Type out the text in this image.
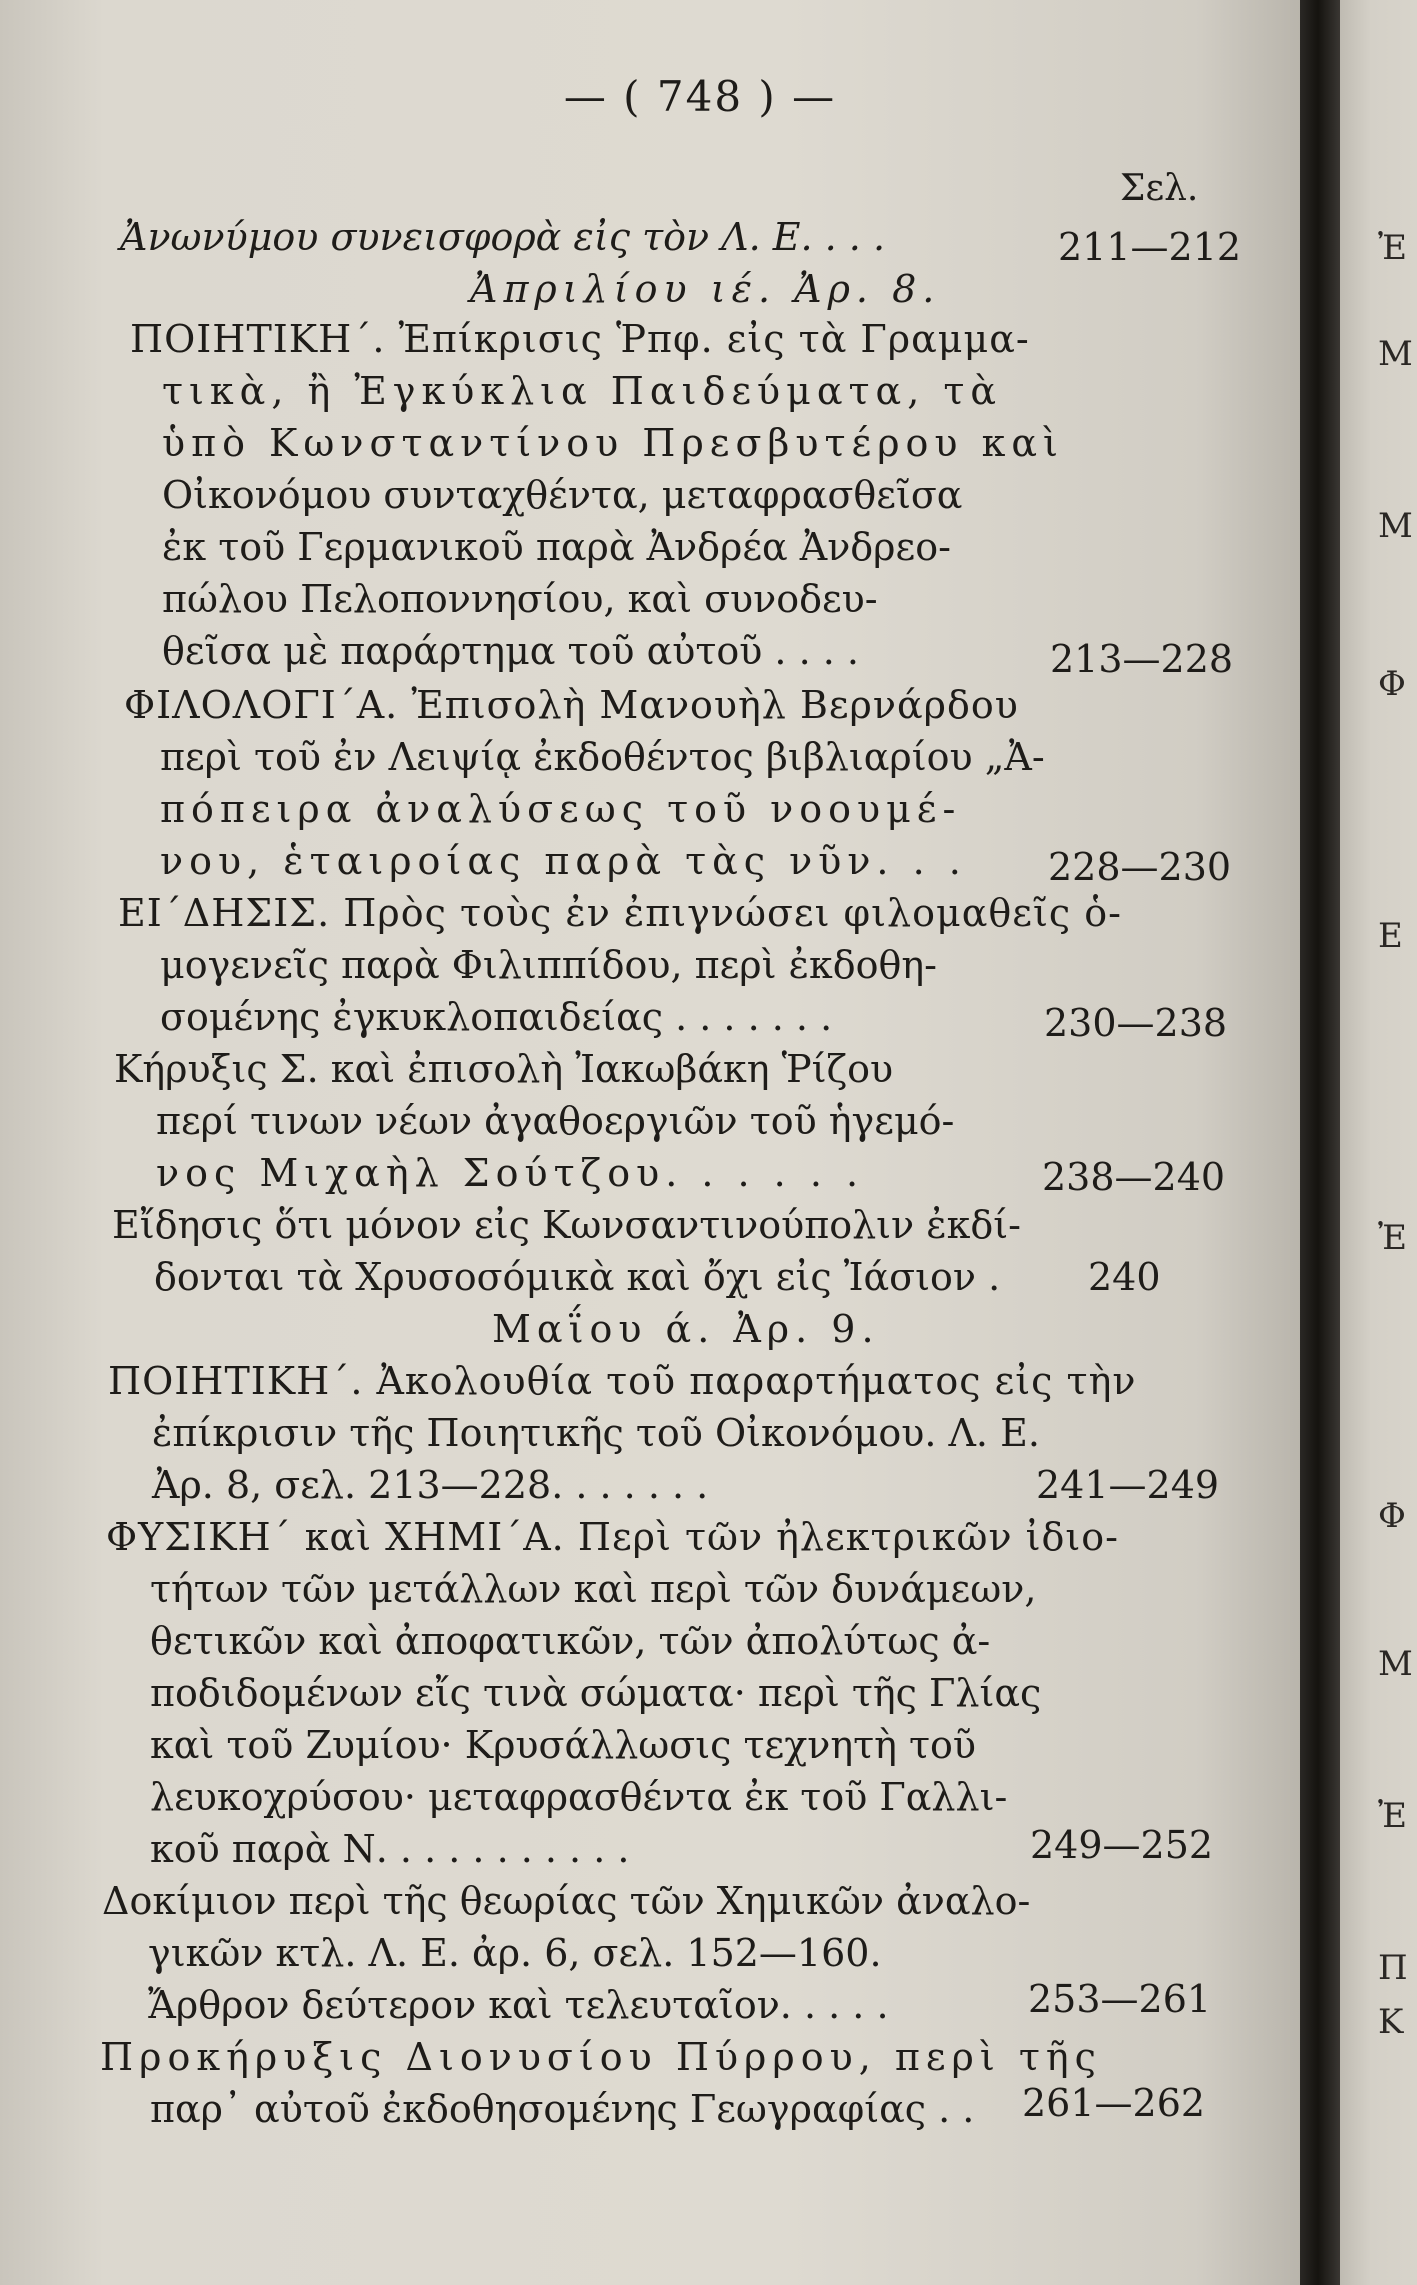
— ( 748 ) —
Σελ.
Ἀνωνύμου συνεισφορὰ εἰς τὸν Λ. Ε. . . .	211—212
Ἀπριλίου ιέ. Ἀρ. 8.
ΠΟΙΗΤΙΚΗ΄. Ἐπίκρισις Ῥπφ. εἰς τὰ Γραμμα-
τικὰ, ἢ Ἐγκύκλια Παιδεύματα, τὰ
ὑπὸ Κωνσταντίνου Πρεσβυτέρου καὶ
Οἰκονόμου συνταχθέντα, μεταφρασθεῖσα
ἐκ τοῦ Γερμανικοῦ παρὰ Ἀνδρέα Ἀνδρεο-
πώλου Πελοποννησίου, καὶ συνοδευ-
θεῖσα μὲ παράρτημα τοῦ αὐτοῦ . . . .	213—228
ΦΙΛΟΛΟΓΙ΄Α. Ἐπισολὴ Μανουὴλ Βερνάρδου
περὶ τοῦ ἐν Λειψίᾳ ἐκδοθέντος βιβλιαρίου „Ἀ-
πόπειρα ἀναλύσεως τοῦ νοουμέ-
νου, ἑταιροίας παρὰ τὰς νῦν. . . 228—230
ΕΙ΄ΔΗΣΙΣ. Πρὸς τοὺς ἐν ἐπιγνώσει φιλομαθεῖς ὁ-
μογενεῖς παρὰ Φιλιππίδου, περὶ ἐκδοθη-
σομένης ἐγκυκλοπαιδείας . . . . . . .	230—238
Κήρυξις Σ. καὶ ἐπισολὴ Ἰακωβάκη Ῥίζου
περί τινων νέων ἀγαθοεργιῶν τοῦ ἡγεμό-
νος Μιχαὴλ Σούτζου. . . . . .	238—240
Εἴδησις ὅτι μόνον εἰς Κωνσαντινούπολιν ἐκδί-
δονται τὰ Χρυσοσόμικὰ καὶ ὄχι εἰς Ἰάσιον . 240
Μαΐου ά. Ἀρ. 9.
ΠΟΙΗΤΙΚΗ΄. Ἀκολουθία τοῦ παραρτήματος εἰς τὴν
ἐπίκρισιν τῆς Ποιητικῆς τοῦ Οἰκονόμου. Λ. Ε.
Ἀρ. 8, σελ. 213—228. . . . . . .	241—249
ΦΥΣΙΚΗ΄ καὶ ΧΗΜΙ΄Α. Περὶ τῶν ἠλεκτρικῶν ἰδιο-
τήτων τῶν μετάλλων καὶ περὶ τῶν δυνάμεων,
θετικῶν καὶ ἀποφατικῶν, τῶν ἀπολύτως ἀ-
ποδιδομένων εἴς τινὰ σώματα· περὶ τῆς Γλίας
καὶ τοῦ Ζυμίου· Κρυσάλλωσις τεχνητὴ τοῦ
λευκοχρύσου· μεταφρασθέντα ἐκ τοῦ Γαλλι-
κοῦ παρὰ Ν. . . . . . . . . . .	249—252
Δοκίμιον περὶ τῆς θεωρίας τῶν Χημικῶν ἀναλο-
γικῶν κτλ. Λ. Ε. ἀρ. 6, σελ. 152—160.
Ἄρθρον δεύτερον καὶ τελευταῖον. . . . .	253—261
Προκήρυξις Διονυσίου Πύρρου, περὶ τῆς
παρ᾽ αὐτοῦ ἐκδοθησομένης Γεωγραφίας . . 261—262
Ἐ
Μ
Μ
Φ
Ε
Ἐ
Φ
Μ
Ἐ
Π
Κ
